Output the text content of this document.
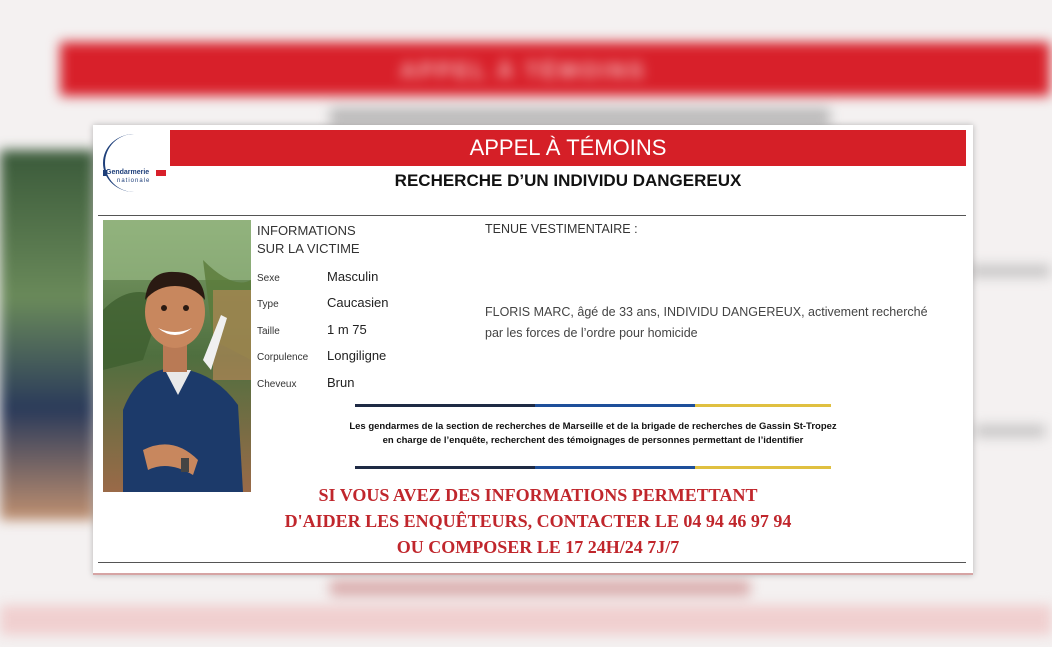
APPEL À TÉMOINS
Gendarmerie
nationale
APPEL À TÉMOINS
RECHERCHE D’UN INDIVIDU DANGEREUX
INFORMATIONS
SUR LA VICTIME
Sexe	Masculin
Type	Caucasien
Taille	1 m 75
Corpulence Longiligne
Cheveux Brun
TENUE VESTIMENTAIRE :
FLORIS MARC, âgé de 33 ans, INDIVIDU DANGEREUX, activement recherché
par les forces de l’ordre pour homicide
Les gendarmes de la section de recherches de Marseille et de la brigade de recherches de Gassin St-Tropez
en charge de l’enquête, recherchent des témoignages de personnes permettant de l’identifier
SI VOUS AVEZ DES INFORMATIONS PERMETTANT
D'AIDER LES ENQUÊTEURS, CONTACTER LE 04 94 46 97 94
OU COMPOSER LE 17 24H/24 7J/7
